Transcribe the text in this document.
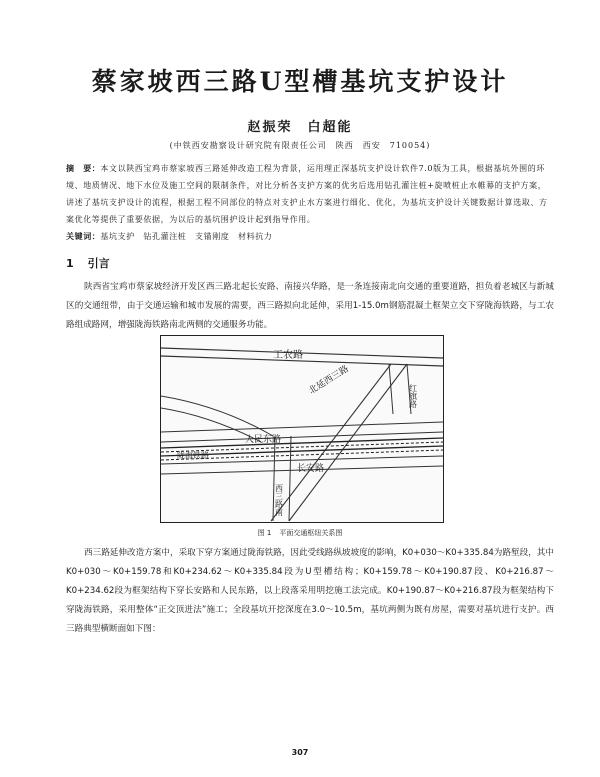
蔡家坡西三路U型槽基坑支护设计
赵振荣　白超能
(中铁西安勘察设计研究院有限责任公司　陕西　西安　710054)
摘　要：本文以陕西宝鸡市蔡家坡西三路延伸改造工程为背景，运用理正深基坑支护设计软件7.0版为工具，根据基坑外围的环境、地质情况、地下水位及施工空间的限制条件，对比分析各支护方案的优劣后选用钻孔灌注桩+旋喷桩止水帷幕的支护方案，讲述了基坑支护设计的流程，根据工程不同部位的特点对支护止水方案进行细化、优化，为基坑支护设计关键数据计算选取、方案优化等提供了重要依据，为以后的基坑围护设计起到指导作用。
关键词：基坑支护　钻孔灌注桩　支锚刚度　材料抗力
1 引言
陕西省宝鸡市蔡家坡经济开发区西三路北起长安路、南接兴华路，是一条连接南北向交通的重要道路，担负着老城区与新城区的交通纽带，由于交通运输和城市发展的需要，西三路拟向北延伸，采用1-15.0m钢筋混凝土框架立交下穿陇海铁路，与工农路组成路网，增强陇海铁路南北两侧的交通服务功能。
工农路
北延西三路	红旗路
人民东路
陇海铁路
长安路
西三路南
图 1 平面交通枢纽关系图
西三路延伸改造方案中，采取下穿方案通过陇海铁路，因此受线路纵坡坡度的影响，K0+030～K0+335.84为路堑段，其中K0+030～K0+159.78和K0+234.62～K0+335.84段为U型槽结构；K0+159.78～K0+190.87段、K0+216.87～K0+234.62段为框架结构下穿长安路和人民东路，以上段落采用明挖施工法完成。K0+190.87～K0+216.87段为框架结构下穿陇海铁路，采用整体“正交顶进法”施工；全段基坑开挖深度在3.0～10.5m，基坑两侧为既有房屋，需要对基坑进行支护。西三路典型横断面如下图：
307
